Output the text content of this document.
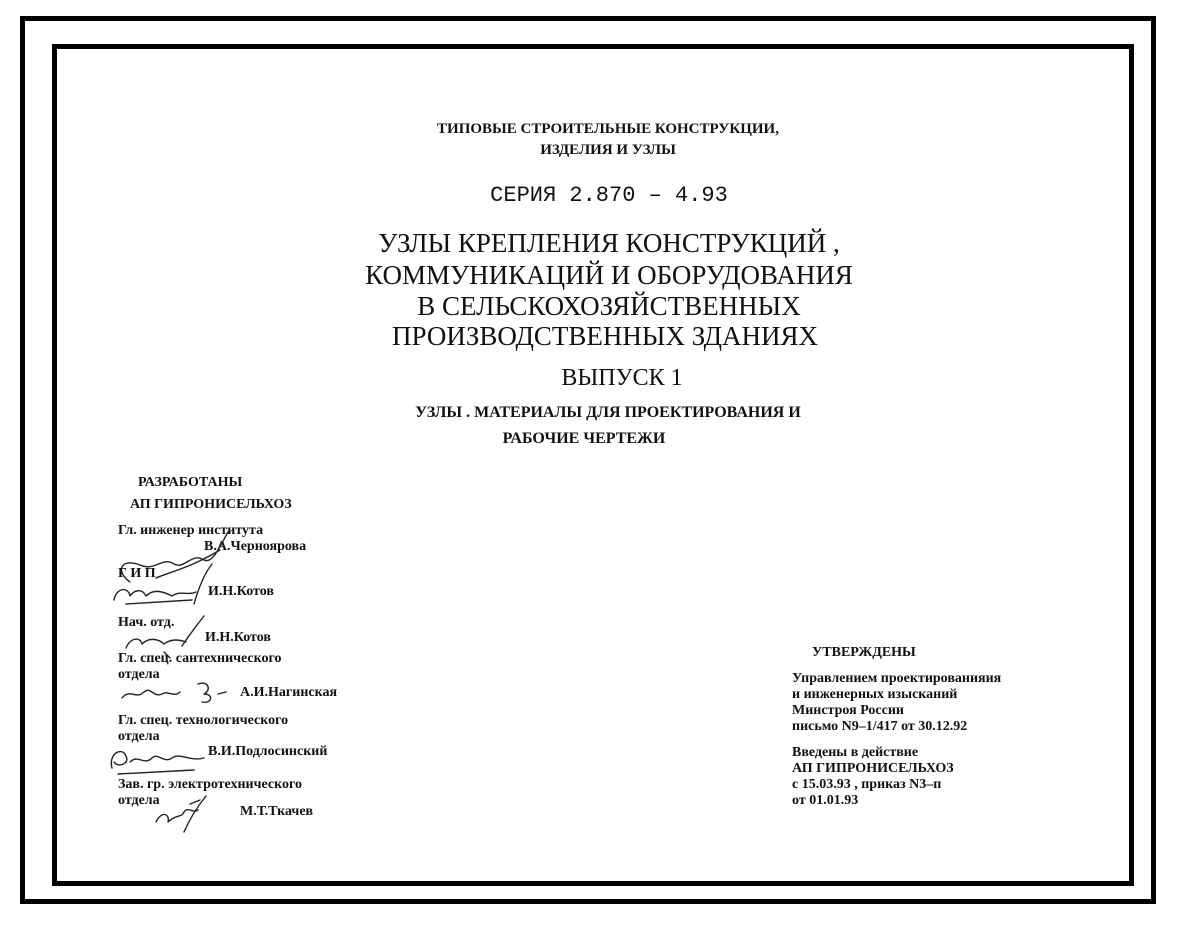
ТИПОВЫЕ СТРОИТЕЛЬНЫЕ КОНСТРУКЦИИ,
ИЗДЕЛИЯ И УЗЛЫ
СЕРИЯ 2.870 – 4.93
УЗЛЫ КРЕПЛЕНИЯ КОНСТРУКЦИЙ ,
КОММУНИКАЦИЙ И ОБОРУДОВАНИЯ
В СЕЛЬСКОХОЗЯЙСТВЕННЫХ
ПРОИЗВОДСТВЕННЫХ ЗДАНИЯХ
ВЫПУСК 1
УЗЛЫ . МАТЕРИАЛЫ ДЛЯ ПРОЕКТИРОВАНИЯ И
РАБОЧИЕ ЧЕРТЕЖИ
РАЗРАБОТАНЫ
АП ГИПРОНИСЕЛЬХОЗ
Гл. инженер института
В.А.Черноярова
Г И П
И.Н.Котов
Нач. отд.
И.Н.Котов
Гл. спец. сантехнического
отдела
А.И.Нагинская
Гл. спец. технологического
отдела
В.И.Подлосинский
Зав. гр. электротехнического
отдела
М.Т.Ткачев
УТВЕРЖДЕНЫ
Управлением проектированияия
и инженерных изысканий
Минстроя России
письмо N9–1/417 от 30.12.92
Введены в действие
АП ГИПРОНИСЕЛЬХОЗ
с 15.03.93 , приказ N3–п
от 01.01.93
